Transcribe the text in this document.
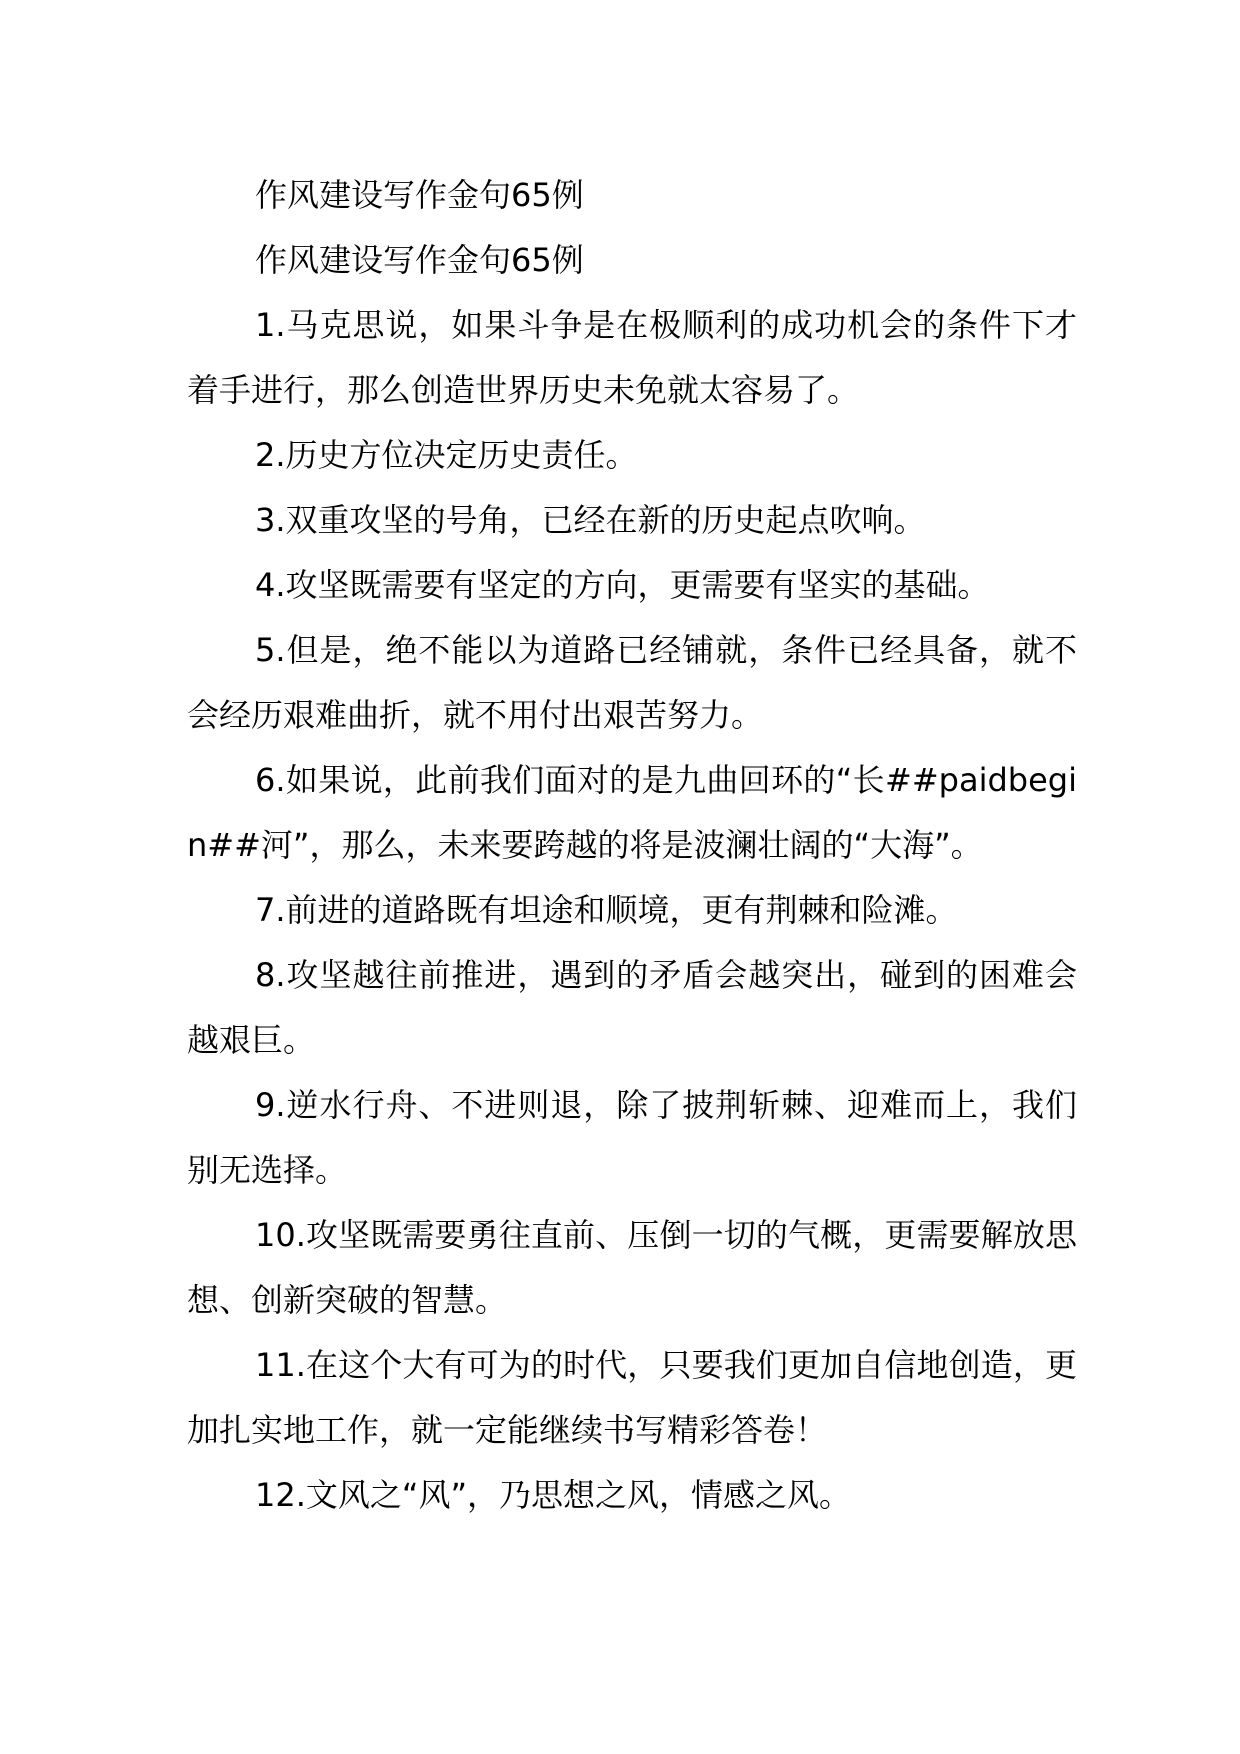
作风建设写作金句65例

作风建设写作金句65例

1.马克思说，如果斗争是在极顺利的成功机会的条件下才着手进行，那么创造世界历史未免就太容易了。

2.历史方位决定历史责任。

3.双重攻坚的号角，已经在新的历史起点吹响。

4.攻坚既需要有坚定的方向，更需要有坚实的基础。

5.但是，绝不能以为道路已经铺就，条件已经具备，就不会经历艰难曲折，就不用付出艰苦努力。

6.如果说，此前我们面对的是九曲回环的“长##paidbegin##河”，那么，未来要跨越的将是波澜壮阔的“大海”。

7.前进的道路既有坦途和顺境，更有荆棘和险滩。

8.攻坚越往前推进，遇到的矛盾会越突出，碰到的困难会越艰巨。

9.逆水行舟、不进则退，除了披荆斩棘、迎难而上，我们别无选择。

10.攻坚既需要勇往直前、压倒一切的气概，更需要解放思想、创新突破的智慧。

11.在这个大有可为的时代，只要我们更加自信地创造，更加扎实地工作，就一定能继续书写精彩答卷！

12.文风之“风”，乃思想之风，情感之风。
